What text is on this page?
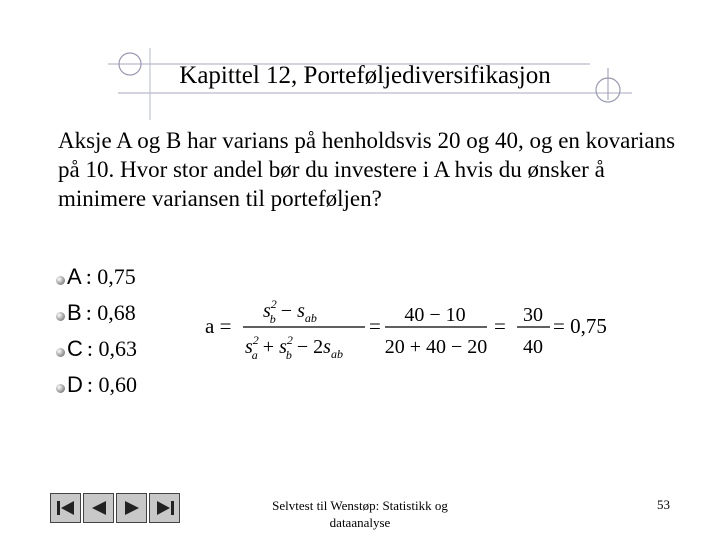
Kapittel 12, Porteføljediversifikasjon
Aksje A og B har varians på henholdsvis 20 og 40, og en kovarians på 10. Hvor stor andel bør du investere i A hvis du ønsker å minimere variansen til porteføljen?
A : 0,75
B : 0,68
C : 0,63
D : 0,60
a =
$s^2$ $b - s_{ab}$
$s^2$ $a + s^2$ $b - 2s_{ab}$
= 40 − 10
20 + 40 − 20
= 30
40
= 0,75
Selvtest til Wenstøp: Statistikk og
dataanalyse
53
